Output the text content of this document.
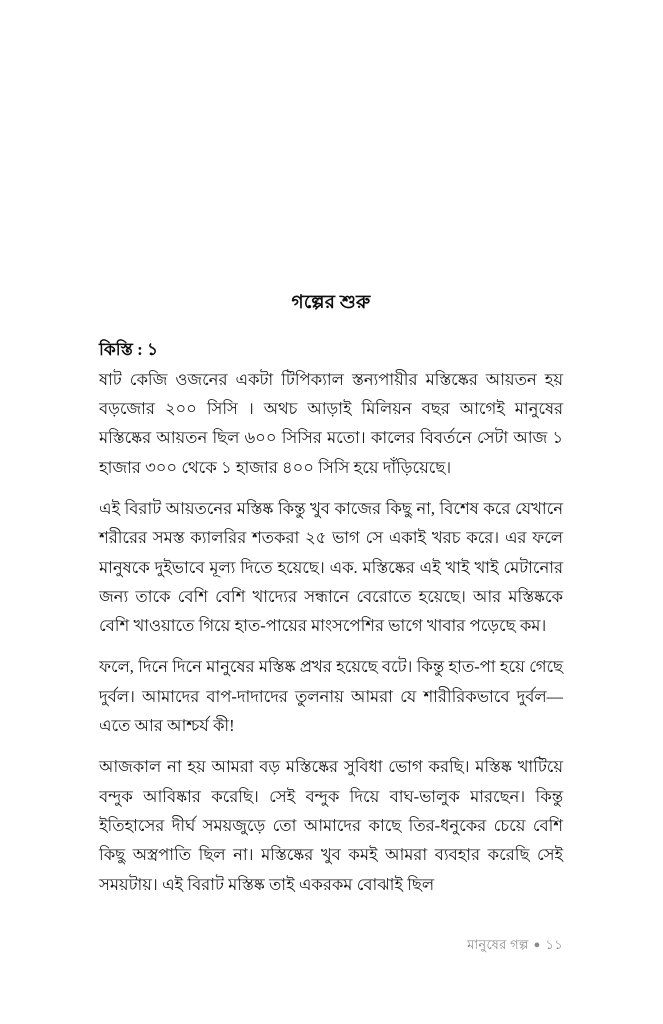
গল্পের শুরু
কিস্তি : ১

ষাট কেজি ওজনের একটা টিপিক্যাল স্তন্যপায়ীর মস্তিষ্কের আয়তন হয় বড়জোর ২০০ সিসি । অথচ আড়াই মিলিয়ন বছর আগেই মানুষের মস্তিষ্কের আয়তন ছিল ৬০০ সিসির মতো। কালের বিবর্তনে সেটা আজ ১ হাজার ৩০০ থেকে ১ হাজার ৪০০ সিসি হয়ে দাঁড়িয়েছে।

এই বিরাট আয়তনের মস্তিষ্ক কিন্তু খুব কাজের কিছু না, বিশেষ করে যেখানে শরীরের সমস্ত ক্যালরির শতকরা ২৫ ভাগ সে একাই খরচ করে। এর ফলে মানুষকে দুইভাবে মূল্য দিতে হয়েছে। এক. মস্তিষ্কের এই খাই খাই মেটানোর জন্য তাকে বেশি বেশি খাদ্যের সন্ধানে বেরোতে হয়েছে। আর মস্তিষ্ককে বেশি খাওয়াতে গিয়ে হাত-পায়ের মাংসপেশির ভাগে খাবার পড়েছে কম।

ফলে, দিনে দিনে মানুষের মস্তিষ্ক প্রখর হয়েছে বটে। কিন্তু হাত-পা হয়ে গেছে দুর্বল। আমাদের বাপ-দাদাদের তুলনায় আমরা যে শারীরিকভাবে দুর্বল— এতে আর আশ্চর্য কী!

আজকাল না হয় আমরা বড় মস্তিষ্কের সুবিধা ভোগ করছি। মস্তিষ্ক খাটিয়ে বন্দুক আবিষ্কার করেছি। সেই বন্দুক দিয়ে বাঘ-ভালুক মারছেন। কিন্তু ইতিহাসের দীর্ঘ সময়জুড়ে তো আমাদের কাছে তির-ধনুকের চেয়ে বেশি কিছু অস্ত্রপাতি ছিল না। মস্তিষ্কের খুব কমই আমরা ব্যবহার করেছি সেই সময়টায়। এই বিরাট মস্তিষ্ক তাই একরকম বোঝাই ছিল

মানুষের গল্প ● ১১
